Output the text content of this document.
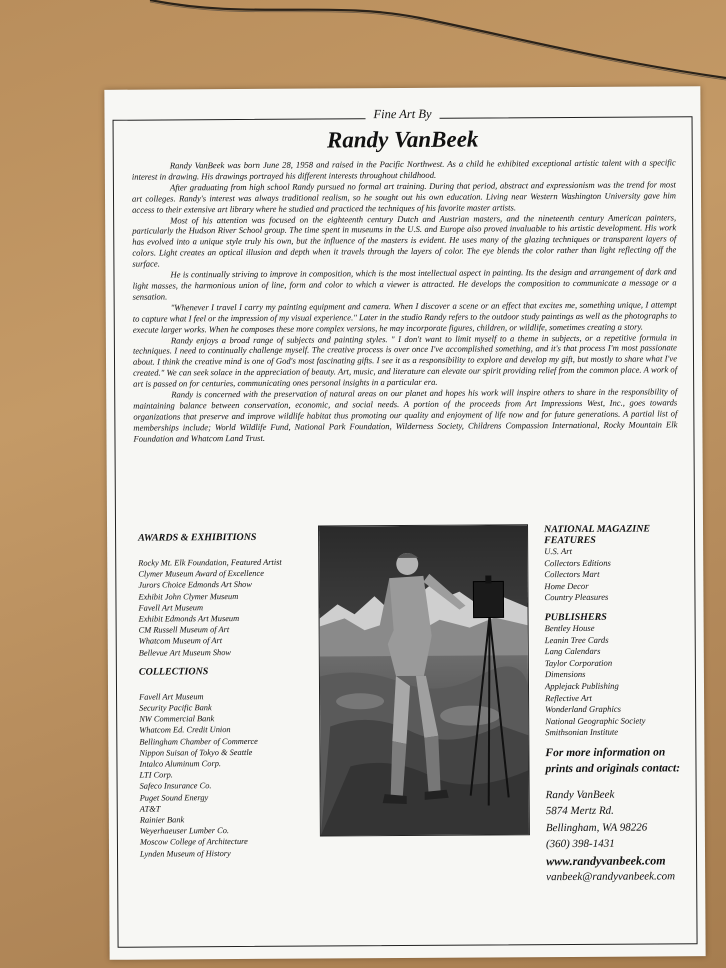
Fine Art By
Randy VanBeek

Randy VanBeek was born June 28, 1958 and raised in the Pacific Northwest. As a child he exhibited exceptional artistic talent with a specific interest in drawing. His drawings portrayed his different interests throughout childhood.

After graduating from high school Randy pursued no formal art training. During that period, abstract and expressionism was the trend for most art colleges. Randy's interest was always traditional realism, so he sought out his own education. Living near Western Washington University gave him access to their extensive art library where he studied and practiced the techniques of his favorite master artists.

Most of his attention was focused on the eighteenth century Dutch and Austrian masters, and the nineteenth century American painters, particularly the Hudson River School group. The time spent in museums in the U.S. and Europe also proved invaluable to his artistic development. His work has evolved into a unique style truly his own, but the influence of the masters is evident. He uses many of the glazing techniques or transparent layers of colors. Light creates an optical illusion and depth when it travels through the layers of color. The eye blends the color rather than light reflecting off the surface.

He is continually striving to improve in composition, which is the most intellectual aspect in painting. Its the design and arrangement of dark and light masses, the harmonious union of line, form and color to which a viewer is attracted. He develops the composition to communicate a message or a sensation.

"Whenever I travel I carry my painting equipment and camera. When I discover a scene or an effect that excites me, something unique, I attempt to capture what I feel or the impression of my visual experience." Later in the studio Randy refers to the outdoor study paintings as well as the photographs to execute larger works. When he composes these more complex versions, he may incorporate figures, children, or wildlife, sometimes creating a story.

Randy enjoys a broad range of subjects and painting styles. " I don't want to limit myself to a theme in subjects, or a repetitive formula in techniques. I need to continually challenge myself. The creative process is over once I've accomplished something, and it's that process I'm most passionate about. I think the creative mind is one of God's most fascinating gifts. I see it as a responsibility to explore and develop my gift, but mostly to share what I've created." We can seek solace in the appreciation of beauty. Art, music, and literature can elevate our spirit providing relief from the common place. A work of art is passed on for centuries, communicating ones personal insights in a particular era.

Randy is concerned with the preservation of natural areas on our planet and hopes his work will inspire others to share in the responsibility of maintaining balance between conservation, economic, and social needs. A portion of the proceeds from Art Impressions West, Inc., goes towards organizations that preserve and improve wildlife habitat thus promoting our quality and enjoyment of life now and for future generations. A partial list of memberships include; World Wildlife Fund, National Park Foundation, Wilderness Society, Childrens Compassion International, Rocky Mountain Elk Foundation and Whatcom Land Trust.

AWARDS & EXHIBITIONS
Rocky Mt. Elk Foundation, Featured Artist
Clymer Museum Award of Excellence
Jurors Choice Edmonds Art Show
Exhibit John Clymer Museum
Favell Art Museum
Exhibit Edmonds Art Museum
CM Russell Museum of Art
Whatcom Museum of Art
Bellevue Art Museum Show
COLLECTIONS
Favell Art Museum
Security Pacific Bank
NW Commercial Bank
Whatcom Ed. Credit Union
Bellingham Chamber of Commerce
Nippon Suisan of Tokyo & Seattle
Intalco Aluminum Corp.
LTI Corp.
Safeco Insurance Co.
Puget Sound Energy
AT&T
Rainier Bank
Weyerhaeuser Lumber Co.
Moscow College of Architecture
Lynden Museum of History
NATIONAL MAGAZINE FEATURES
U.S. Art
Collectors Editions
Collectors Mart
Home Decor
Country Pleasures
PUBLISHERS
Bentley House
Leanin Tree Cards
Lang Calendars
Taylor Corporation
Dimensions
Applejack Publishing
Reflective Art
Wonderland Graphics
National Geographic Society
Smithsonian Institute
For more information on prints and originals contact:
Randy VanBeek
5874 Mertz Rd.
Bellingham, WA 98226
(360) 398-1431
www.randyvanbeek.com
vanbeek@randyvanbeek.com
